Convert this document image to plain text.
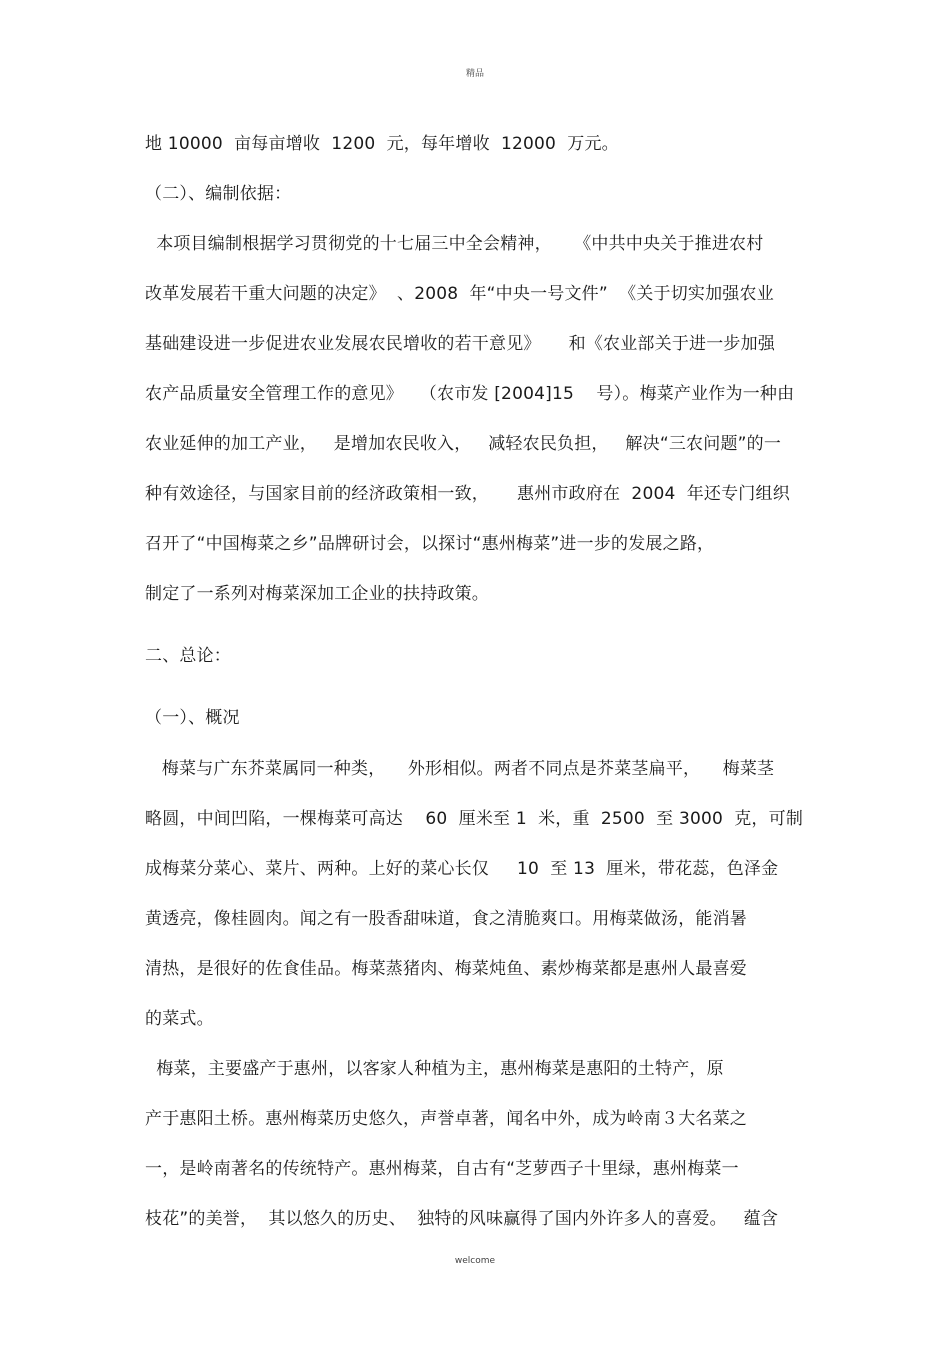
精品
地 10000  亩每亩增收  1200  元，每年增收  12000  万元。
（二）、编制依据：
本项目编制根据学习贯彻党的十七届三中全会精神，    《中共中央关于推进农村
改革发展若干重大问题的决定》  、2008  年“中央一号文件”  《关于切实加强农业
基础建设进一步促进农业发展农民增收的若干意见》     和《农业部关于进一步加强
农产品质量安全管理工作的意见》   （农市发 [2004]15    号）。梅菜产业作为一种由
农业延伸的加工产业，   是增加农民收入，   减轻农民负担，   解决“三农问题”的一
种有效途径，与国家目前的经济政策相一致，     惠州市政府在  2004  年还专门组织
召开了“中国梅菜之乡”品牌研讨会，以探讨“惠州梅菜”进一步的发展之路，
制定了一系列对梅菜深加工企业的扶持政策。
二、总论：
（一）、概况
梅菜与广东芥菜属同一种类，    外形相似。两者不同点是芥菜茎扁平，    梅菜茎
略圆，中间凹陷，一棵梅菜可高达    60  厘米至 1  米，重  2500  至 3000  克，可制
成梅菜分菜心、菜片、两种。上好的菜心长仅     10  至 13  厘米，带花蕊，色泽金
黄透亮，像桂圆肉。闻之有一股香甜味道，食之清脆爽口。用梅菜做汤，能消暑
清热，是很好的佐食佳品。梅菜蒸猪肉、梅菜炖鱼、素炒梅菜都是惠州人最喜爱
的菜式。
梅菜，主要盛产于惠州，以客家人种植为主，惠州梅菜是惠阳的土特产，原
产于惠阳土桥。惠州梅菜历史悠久，声誉卓著，闻名中外，成为岭南３大名菜之
一，是岭南著名的传统特产。惠州梅菜，自古有“芝萝西子十里绿，惠州梅菜一
枝花”的美誉，  其以悠久的历史、  独特的风味赢得了国内外许多人的喜爱。   蕴含
welcome
